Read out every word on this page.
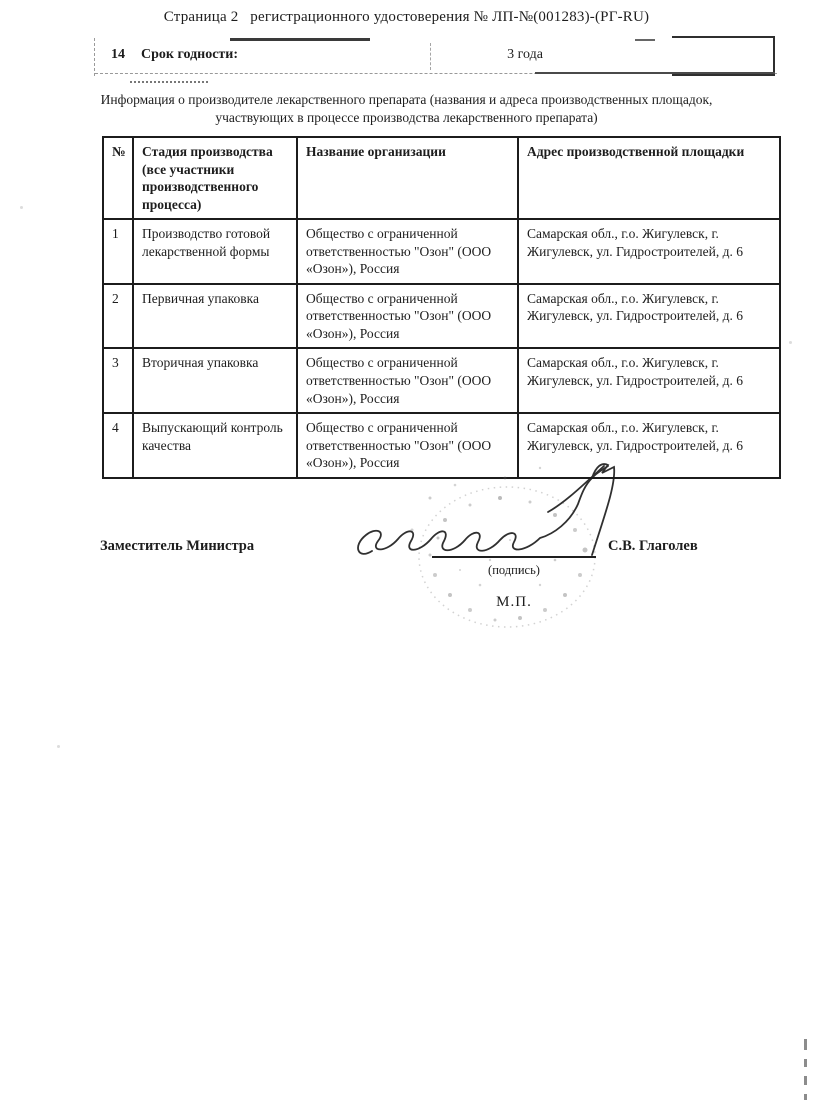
Страница 2   регистрационного удостоверения № ЛП-№(001283)-(РГ-RU)
14 Срок годности:	3 года
Информация о производителе лекарственного препарата (названия и адреса производственных площадок,
участвующих в процессе производства лекарственного препарата)
№	Стадия производства (все участники производственного процесса)	Название организации	Адрес производственной площадки
1	Производство готовой лекарственной формы	Общество с ограниченной ответственностью "Озон" (ООО «Озон»), Россия	Самарская обл., г.о. Жигулевск, г. Жигулевск, ул. Гидростроителей, д. 6
2	Первичная упаковка	Общество с ограниченной ответственностью "Озон" (ООО «Озон»), Россия	Самарская обл., г.о. Жигулевск, г. Жигулевск, ул. Гидростроителей, д. 6
3	Вторичная упаковка	Общество с ограниченной ответственностью "Озон" (ООО «Озон»), Россия	Самарская обл., г.о. Жигулевск, г. Жигулевск, ул. Гидростроителей, д. 6
4	Выпускающий контроль качества	Общество с ограниченной ответственностью "Озон" (ООО «Озон»), Россия	Самарская обл., г.о. Жигулевск, г. Жигулевск, ул. Гидростроителей, д. 6
Заместитель Министра	С.В. Глаголев
(подпись)
М.П.
